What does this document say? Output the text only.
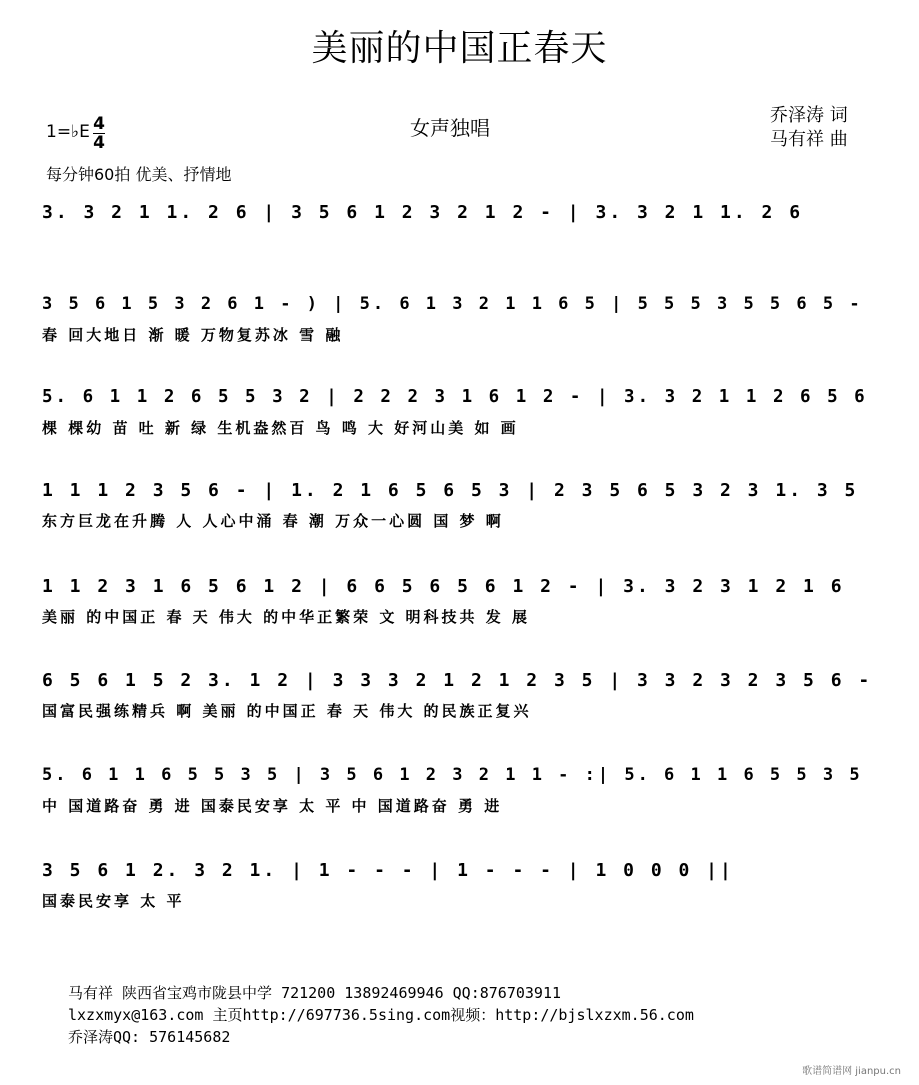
美丽的中国正春天
1=♭E 4
4
女声独唱
乔泽涛 词
马有祥 曲
每分钟60拍 优美、抒情地
3. 3 2 1 1. 2 6 | 3 5 6 1 2 3 2 1 2 - | 3. 3 2 1 1. 2 6
3 5 6 1 5 3 2 6 1 - ) | 5. 6 1 3 2 1 1 6 5 | 5 5 5 3 5 5 6 5 -
春 回大地日 渐 暖 万物复苏冰 雪 融
5. 6 1 1 2 6 5 5 3 2 | 2 2 2 3 1 6 1 2 - | 3. 3 2 1 1 2 6 5 6
棵 棵幼 苗 吐 新 绿 生机盎然百 鸟 鸣 大 好河山美 如 画
1 1 1 2 3 5 6 - | 1. 2 1 6 5 6 5 3 | 2 3 5 6 5 3 2 3 1. 3 5
东方巨龙在升腾 人 人心中涌 春 潮 万众一心圆 国 梦 啊
1 1 2 3 1 6 5 6 1 2 | 6 6 5 6 5 6 1 2 - | 3. 3 2 3 1 2 1 6
美丽 的中国正 春 天 伟大 的中华正繁荣 文 明科技共 发 展
6 5 6 1 5 2 3. 1 2 | 3 3 3 2 1 2 1 2 3 5 | 3 3 2 3 2 3 5 6 -
国富民强练精兵 啊 美丽 的中国正 春 天 伟大 的民族正复兴
5. 6 1 1 6 5 5 3 5 | 3 5 6 1 2 3 2 1 1 - :| 5. 6 1 1 6 5 5 3 5
中 国道路奋 勇 进 国泰民安享 太 平 中 国道路奋 勇 进
3 5 6 1 2. 3 2 1. | 1 - - - | 1 - - - | 1 0 0 0 ||
国泰民安享 太 平
马有祥 陕西省宝鸡市陇县中学 721200 13892469946 QQ:876703911
lxzxmyx@163.com 主页http://697736.5sing.com视频：http://bjslxzxm.56.com
乔泽涛QQ: 576145682
歌谱简谱网 jianpu.cn
